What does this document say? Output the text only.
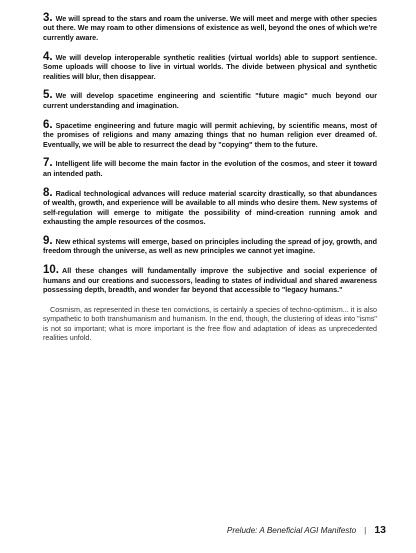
3. We will spread to the stars and roam the universe. We will meet and merge with other species out there. We may roam to other dimensions of existence as well, beyond the ones of which we're currently aware.
4. We will develop interoperable synthetic realities (virtual worlds) able to support sentience. Some uploads will choose to live in virtual worlds. The divide between physical and synthetic realities will blur, then disappear.
5. We will develop spacetime engineering and scientific "future magic" much beyond our current understanding and imagination.
6. Spacetime engineering and future magic will permit achieving, by scientific means, most of the promises of religions and many amazing things that no human religion ever dreamed of. Eventually, we will be able to resurrect the dead by "copying" them to the future.
7. Intelligent life will become the main factor in the evolution of the cosmos, and steer it toward an intended path.
8. Radical technological advances will reduce material scarcity drastically, so that abundances of wealth, growth, and experience will be available to all minds who desire them. New systems of self-regulation will emerge to mitigate the possibility of mind-creation running amok and exhausting the ample resources of the cosmos.
9. New ethical systems will emerge, based on principles including the spread of joy, growth, and freedom through the universe, as well as new principles we cannot yet imagine.
10. All these changes will fundamentally improve the subjective and social experience of humans and our creations and successors, leading to states of individual and shared awareness possessing depth, breadth, and wonder far beyond that accessible to "legacy humans."

Cosmism, as represented in these ten convictions, is certainly a species of techno-optimism... it is also sympathetic to both transhumanism and humanism. In the end, though, the clustering of ideas into "isms" is not so important; what is more important is the free flow and adaptation of ideas as unprecedented realities unfold.

Prelude: A Beneficial AGI Manifesto | 13
